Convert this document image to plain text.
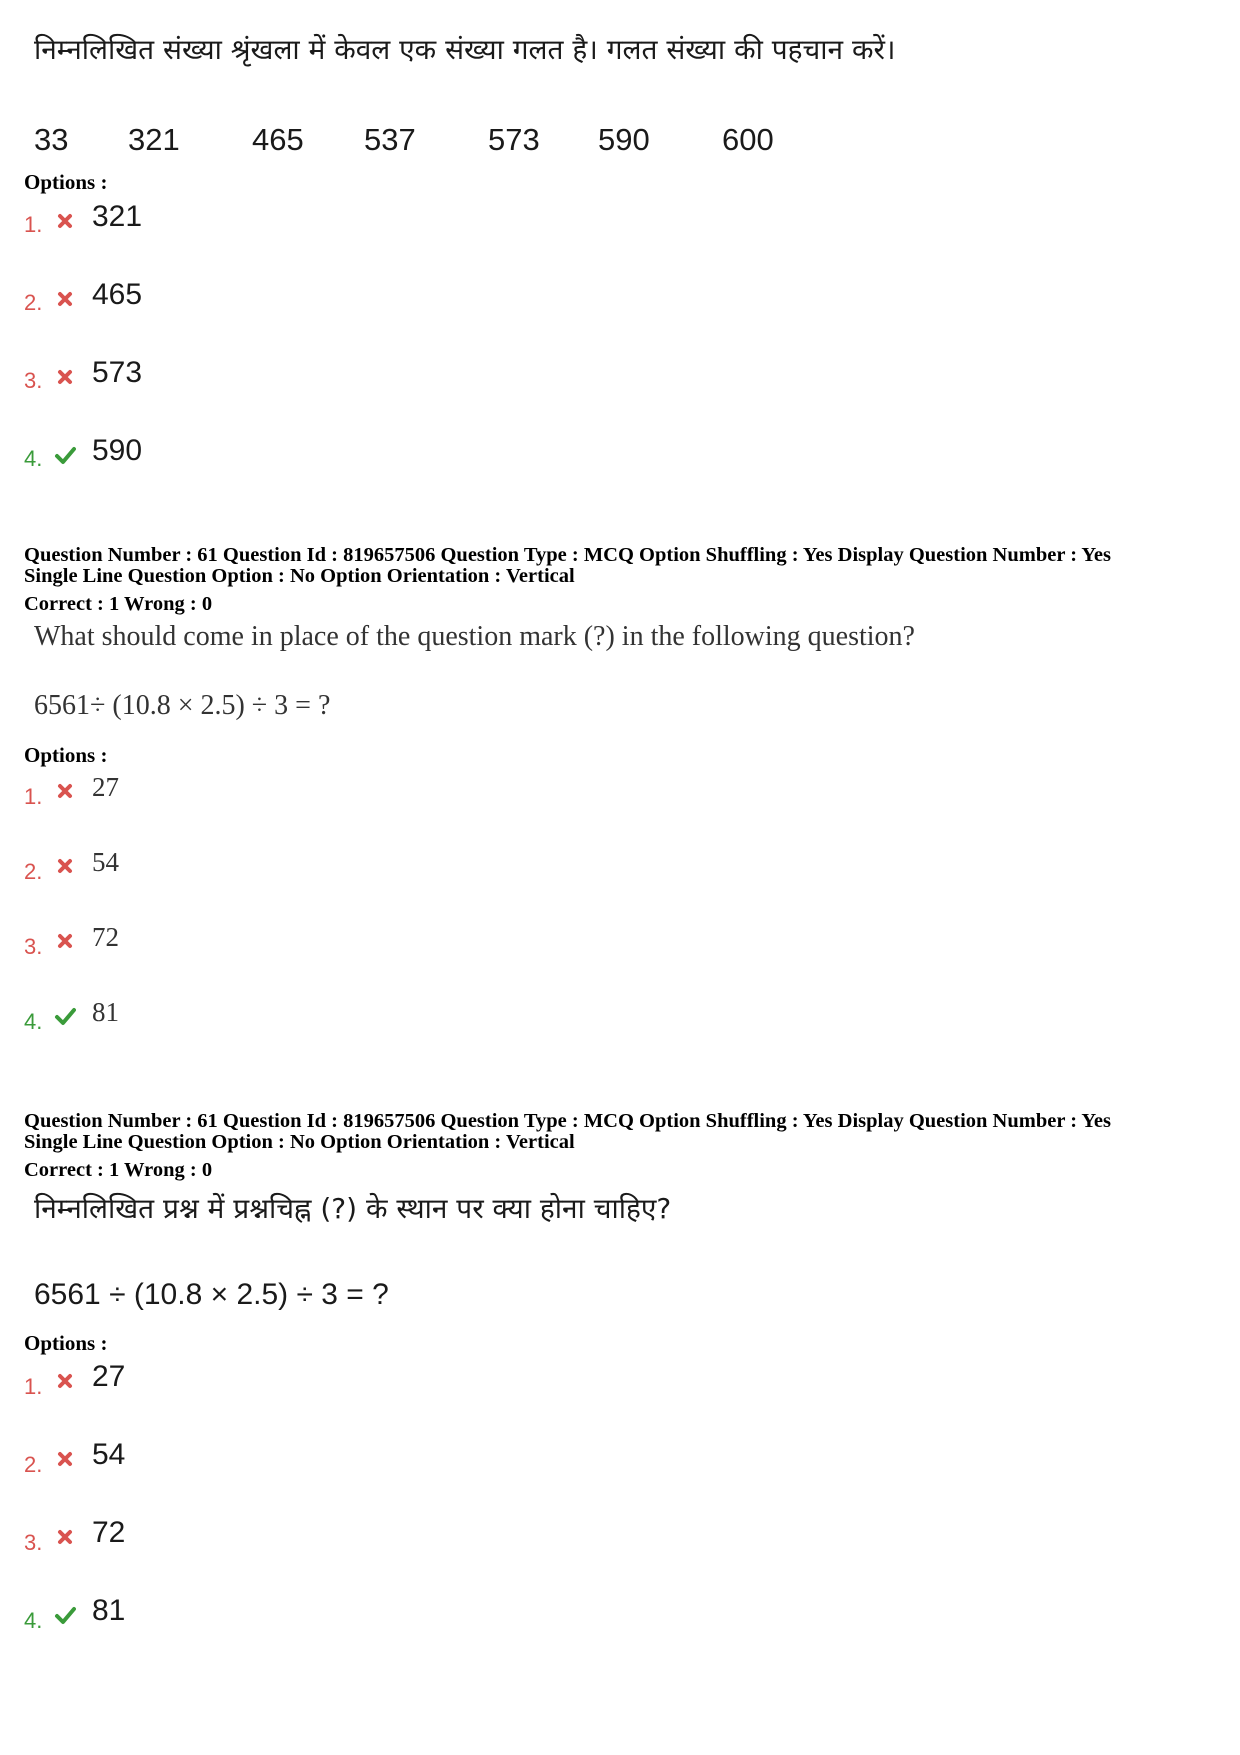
निम्नलिखित संख्या श्रृंखला में केवल एक संख्या गलत है। गलत संख्या की पहचान करें।
33 321 465 537 573 590 600
Options :
1. 321
2. 465
3. 573
4. 590
Question Number : 61 Question Id : 819657506 Question Type : MCQ Option Shuffling : Yes Display Question Number : Yes
Single Line Question Option : No Option Orientation : Vertical
Correct : 1 Wrong : 0
What should come in place of the question mark (?) in the following question?
6561÷ (10.8 × 2.5) ÷ 3 = ?
Options :
1. 27
2. 54
3. 72
4. 81
Question Number : 61 Question Id : 819657506 Question Type : MCQ Option Shuffling : Yes Display Question Number : Yes
Single Line Question Option : No Option Orientation : Vertical
Correct : 1 Wrong : 0
निम्नलिखित प्रश्न में प्रश्नचिह्न (?) के स्थान पर क्या होना चाहिए?
6561 ÷ (10.8 × 2.5) ÷ 3 = ?
Options :
1. 27
2. 54
3. 72
4. 81
